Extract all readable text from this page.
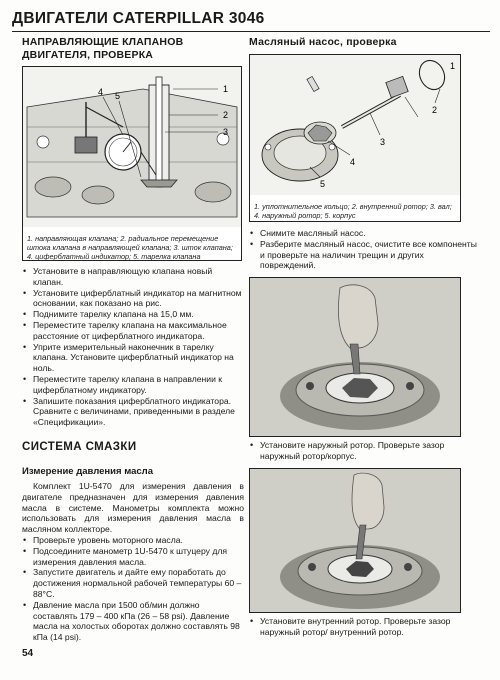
ДВИГАТЕЛИ CATERPILLAR 3046
НАПРАВЛЯЮЩИЕ КЛАПАНОВ ДВИГАТЕЛЯ, ПРОВЕРКА
1
2
3
4 5
1. направляющая клапана; 2. радиальное перемещение штока клапана в направляющей клапана; 3. шток клапана; 4. циферблатный индикатор; 5. тарелка клапана
• Установите в направляющую клапана новый клапан.
• Установите циферблатный индикатор на магнитном основании, как показано на рис.
• Поднимите тарелку клапана на 15,0 мм.
• Переместите тарелку клапана на максимальное расстояние от циферблатного индикатора.
• Уприте измерительный наконечник в тарелку клапана. Установите циферблатный индикатор на ноль.
• Переместите тарелку клапана в направлении к циферблатному индикатору.
• Запишите показания циферблатного индикатора. Сравните с величинами, приведенными в разделе «Спецификации».
СИСТЕМА СМАЗКИ
Измерение давления масла
Комплект 1U-5470 для измерения давления в двигателе предназначен для измерения давления масла в системе. Манометры комплекта можно использовать для измерения давления масла в масляном коллекторе.
• Проверьте уровень моторного масла.
• Подсоедините манометр 1U-5470 к штуцеру для измерения давления масла.
• Запустите двигатель и дайте ему поработать до достижения нормальной рабочей температуры 60 – 88°С.
• Давление масла при 1500 об/мин должно составлять 179 – 400 кПа (26 – 58 psi). Давление масла на холостых оборотах должно составлять 98 кПа (14 psi).
Масляный насос, проверка
1
2
3
4
5
1. уплотнительное кольцо; 2. внутренний ротор; 3. вал; 4. наружный ротор; 5. корпус
• Снимите масляный насос.
• Разберите масляный насос, очистите все компоненты и проверьте на наличин трещин и других повреждений.
• Установите наружный ротор. Проверьте зазор наружный ротор/корпус.
• Установите внутренний ротор. Проверьте зазор наружный ротор/ внутренний ротор.
54
